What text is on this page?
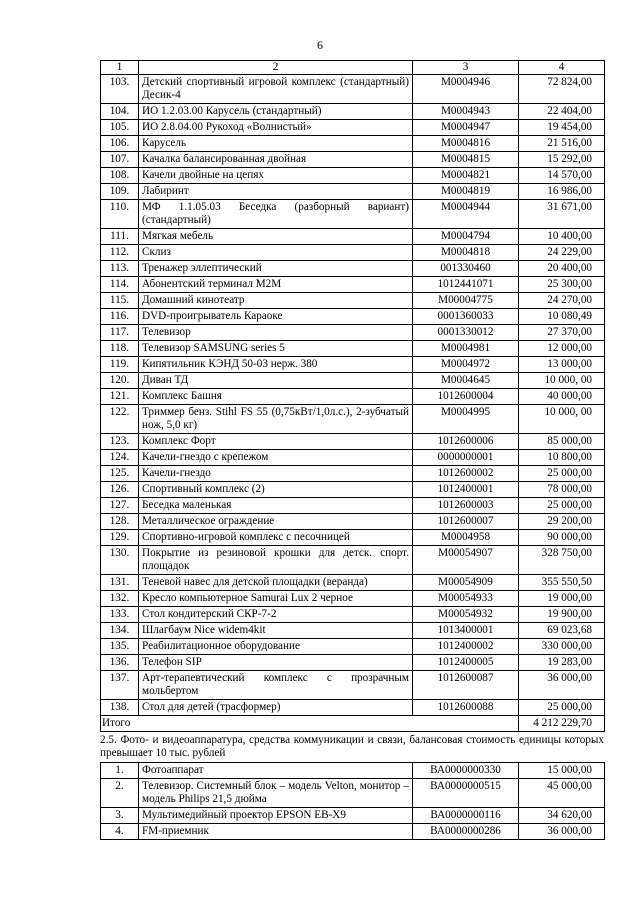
6
1	2	3	4
103.	Детский спортивный игровой комплекс (стандартный) Десик-4	M0004946	72 824,00
104.	ИО 1.2.03.00 Карусель (стандартный)	M0004943	22 404,00
105.	ИО 2.8.04.00 Рукоход «Волнистый»	M0004947	19 454,00
106.	Карусель	M0004816	21 516,00
107.	Качалка балансированная двойная	M0004815	15 292,00
108.	Качели двойные на цепях	M0004821	14 570,00
109.	Лабиринт	M0004819	16 986,00
110.	МФ 1.1.05.03 Беседка (разборный вариант) (стандартный)	M0004944	31 671,00
111.	Мягкая мебель	M0004794	10 400,00
112.	Склиз	M0004818	24 229,00
113.	Тренажер эллептический	001330460	20 400,00
114.	Абонентский терминал M2M	1012441071	25 300,00
115.	Домашний кинотеатр	M00004775	24 270,00
116.	DVD-проигрыватель Караоке	0001360033	10 080,49
117.	Телевизор	0001330012	27 370,00
118.	Телевизор SAMSUNG series 5	M0004981	12 000,00
119.	Кипятильник КЭНД 50-03 нерж. 380	M0004972	13 000,00
120.	Диван ТД	M0004645	10 000, 00
121.	Комплекс Башня	1012600004	40 000,00
122.	Триммер бенз. Stihl FS 55 (0,75кВт/1,0л.с.), 2-зубчатый нож, 5,0 кг)	M0004995	10 000, 00
123.	Комплекс Форт	1012600006	85 000,00
124.	Качели-гнездо с крепежом	0000000001	10 800,00
125.	Качели-гнездо	1012600002	25 000,00
126.	Спортивный комплекс (2)	1012400001	78 000,00
127.	Беседка маленькая	1012600003	25 000,00
128.	Металлическое ограждение	1012600007	29 200,00
129.	Спортивно-игровой комплекс с песочницей	M0004958	90 000,00
130.	Покрытие из резиновой крошки для детск. спорт. площадок	M00054907	328 750,00
131.	Теневой навес для детской площадки (веранда)	M00054909	355 550,50
132.	Кресло компьютерное Samurai Lux 2 черное	M00054933	19 000,00
133.	Стол кондитерский СКР-7-2	M00054932	19 900,00
134.	Шлагбаум Nice widem4kit	1013400001	69 023,68
135.	Реабилитационное оборудование	1012400002	330 000,00
136.	Телефон SIP	1012400005	19 283,00
137.	Арт-терапевтический комплекс с прозрачным мольбертом	1012600087	36 000,00
138.	Стол для детей (трасформер)	1012600088	25 000,00
Итого			4 212 229,70
2.5. Фото- и видеоаппаратура, средства коммуникации и связи, балансовая стоимость единицы которых превышает 10 тыс. рублей
1.	Фотоаппарат	ВА0000000330	15 000,00
2.	Телевизор. Системный блок – модель Velton, монитор – модель Philips 21,5 дюйма	ВА0000000515	45 000,00
3.	Мультимедийный проектор EPSON EB-X9	ВА0000000116	34 620,00
4.	FM-приемник	ВА0000000286	36 000,00
